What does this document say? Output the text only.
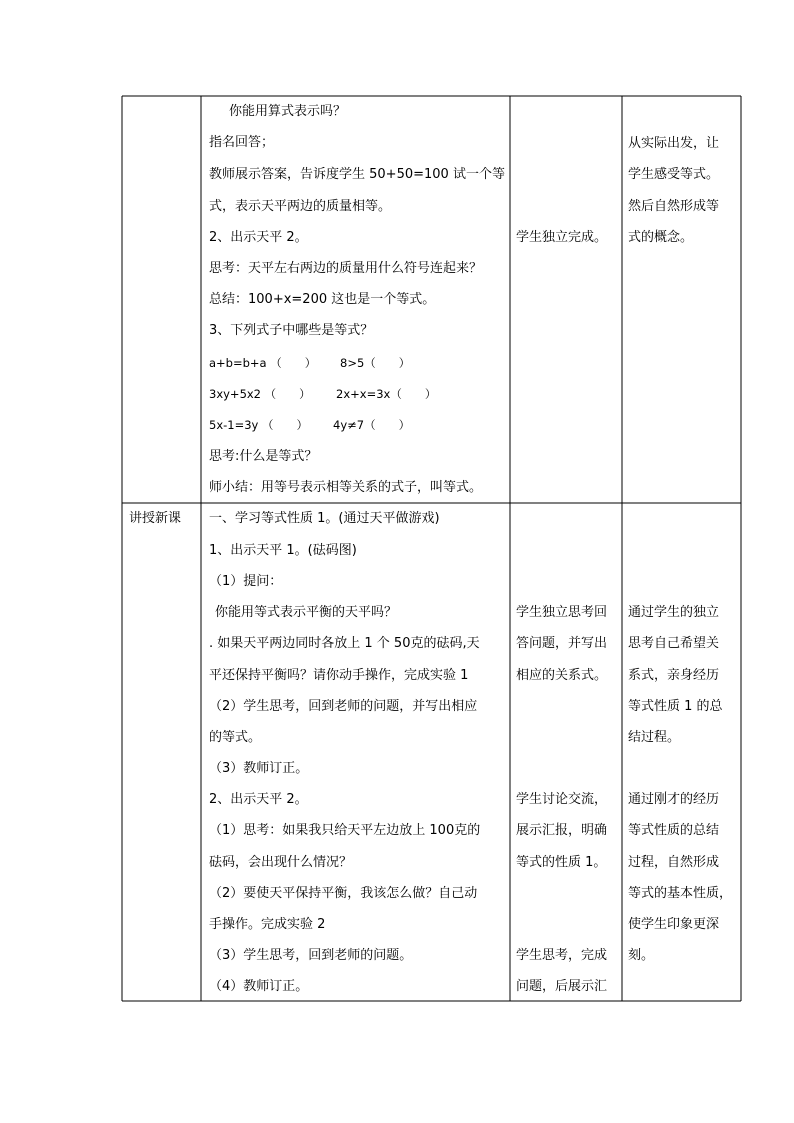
你能用算式表示吗？
指名回答；
教师展示答案，告诉度学生 50+50=100 试一个等
式，表示天平两边的质量相等。
2、出示天平 2。
思考：天平左右两边的质量用什么符号连起来？
总结：100+x=200 这也是一个等式。
3、下列式子中哪些是等式？
a+b=b+a （　　） 8>5（　　）
3xy+5x2 （　　） 2x+x=3x（　　）
5x-1=3y （　　） 4y≠7（　　）
思考:什么是等式？
师小结：用等号表示相等关系的式子，叫等式。
学生独立完成。
从实际出发，让
学生感受等式。
然后自然形成等
式的概念。
讲授新课 一、学习等式性质 1。(通过天平做游戏)
1、出示天平 1。(砝码图)
（1）提问：
你能用等式表示平衡的天平吗？
. 如果天平两边同时各放上 1 个 50克的砝码,天
平还保持平衡吗？请你动手操作，完成实验 1
（2）学生思考，回到老师的问题，并写出相应
的等式。
（3）教师订正。
2、出示天平 2。
（1）思考：如果我只给天平左边放上 100克的
砝码，会出现什么情况？
（2）要使天平保持平衡，我该怎么做？自己动
手操作。完成实验 2
（3）学生思考，回到老师的问题。
（4）教师订正。
学生独立思考回
答问题，并写出
相应的关系式。
学生讨论交流，
展示汇报，明确
等式的性质 1。
学生思考，完成
问题，后展示汇
通过学生的独立
思考自己希望关
系式，亲身经历
等式性质 1 的总
结过程。
通过刚才的经历
等式性质的总结
过程，自然形成
等式的基本性质，
使学生印象更深
刻。
